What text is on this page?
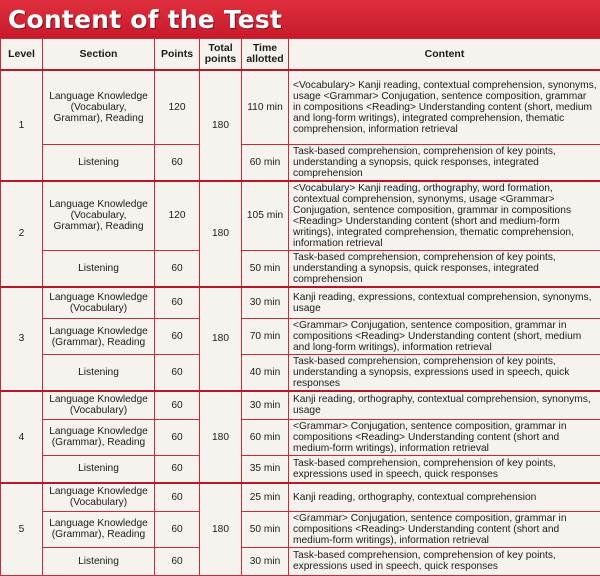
Content of the Test
Level	Section	Points	Total points	Time allotted	Content
1	Language Knowledge (Vocabulary, Grammar), Reading	120	180	110 min	<Vocabulary> Kanji reading, contextual comprehension, synonyms, usage <Grammar> Conjugation, sentence composition, grammar in compositions <Reading> Understanding content (short, medium and long-form writings), integrated comprehension, thematic comprehension, information retrieval
	Listening	60		60 min	Task-based comprehension, comprehension of key points, understanding a synopsis, quick responses, integrated comprehension
2	Language Knowledge (Vocabulary, Grammar), Reading	120	180	105 min	<Vocabulary> Kanji reading, orthography, word formation, contextual comprehension, synonyms, usage <Grammar> Conjugation, sentence composition, grammar in compositions <Reading> Understanding content (short and medium-form writings), integrated comprehension, thematic comprehension, information retrieval
	Listening	60		50 min	Task-based comprehension, comprehension of key points, understanding a synopsis, quick responses, integrated comprehension
3	Language Knowledge (Vocabulary)	60	180	30 min	Kanji reading, expressions, contextual comprehension, synonyms, usage
	Language Knowledge (Grammar), Reading	60		70 min	<Grammar> Conjugation, sentence composition, grammar in compositions <Reading> Understanding content (short, medium and long-form writings), information retrieval
	Listening	60		40 min	Task-based comprehension, comprehension of key points, understanding a synopsis, expressions used in speech, quick responses
4	Language Knowledge (Vocabulary)	60	180	30 min	Kanji reading, orthography, contextual comprehension, synonyms, usage
	Language Knowledge (Grammar), Reading	60		60 min	<Grammar> Conjugation, sentence composition, grammar in compositions <Reading> Understanding content (short and medium-form writings), information retrieval
	Listening	60		35 min	Task-based comprehension, comprehension of key points, expressions used in speech, quick responses
5	Language Knowledge (Vocabulary)	60	180	25 min	Kanji reading, orthography, contextual comprehension
	Language Knowledge (Grammar), Reading	60		50 min	<Grammar> Conjugation, sentence composition, grammar in compositions <Reading> Understanding content (short and medium-form writings), information retrieval
	Listening	60		30 min	Task-based comprehension, comprehension of key points, expressions used in speech, quick responses
